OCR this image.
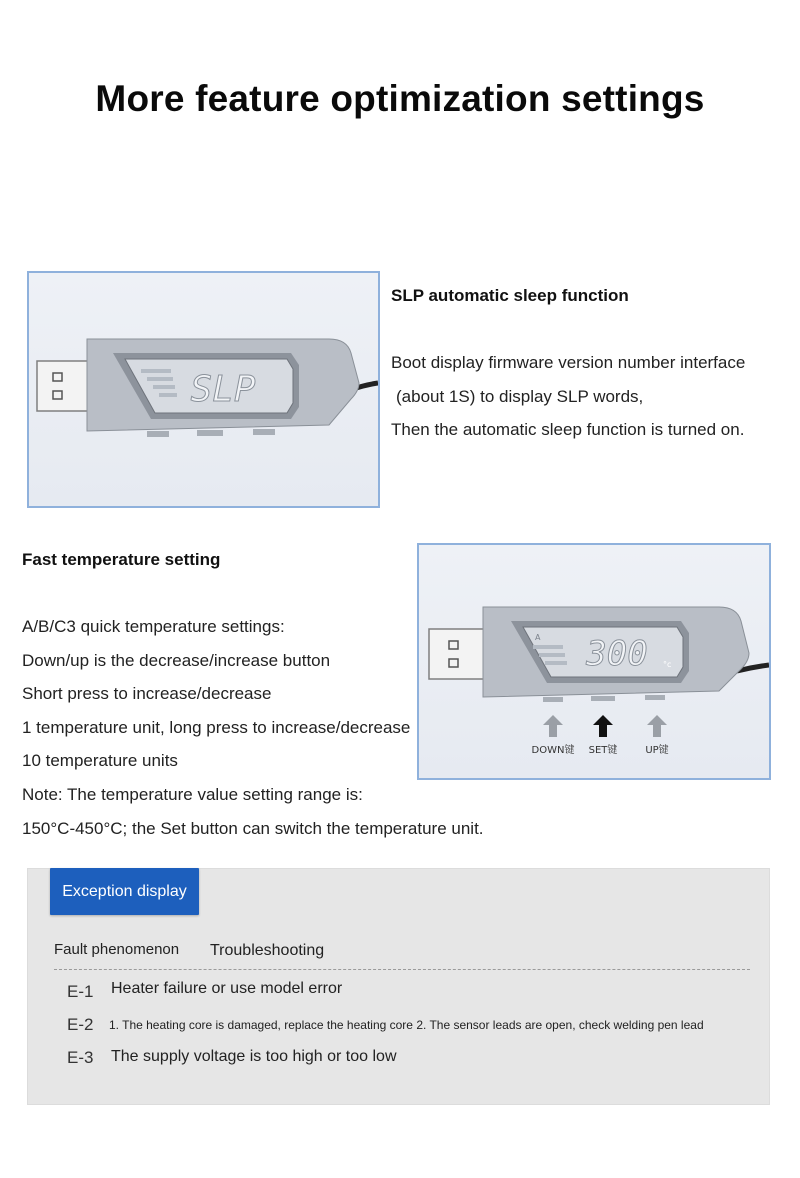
More feature optimization settings
SLP
SLP automatic sleep function
Boot display firmware version number interface
(about 1S) to display SLP words,
Then the automatic sleep function is turned on.
Fast temperature setting
A/B/C3 quick temperature settings:
Down/up is the decrease/increase button
Short press to increase/decrease
1 temperature unit, long press to increase/decrease
10 temperature units
Note: The temperature value setting range is:
150°C-450°C; the Set button can switch the temperature unit.
A 300 °c
DOWN键 SET键	UP键
Exception display
Fault phenomenon Troubleshooting
E-1 Heater failure or use model error
E-2 1. The heating core is damaged, replace the heating core 2. The sensor leads are open, check welding pen lead
E-3 The supply voltage is too high or too low
